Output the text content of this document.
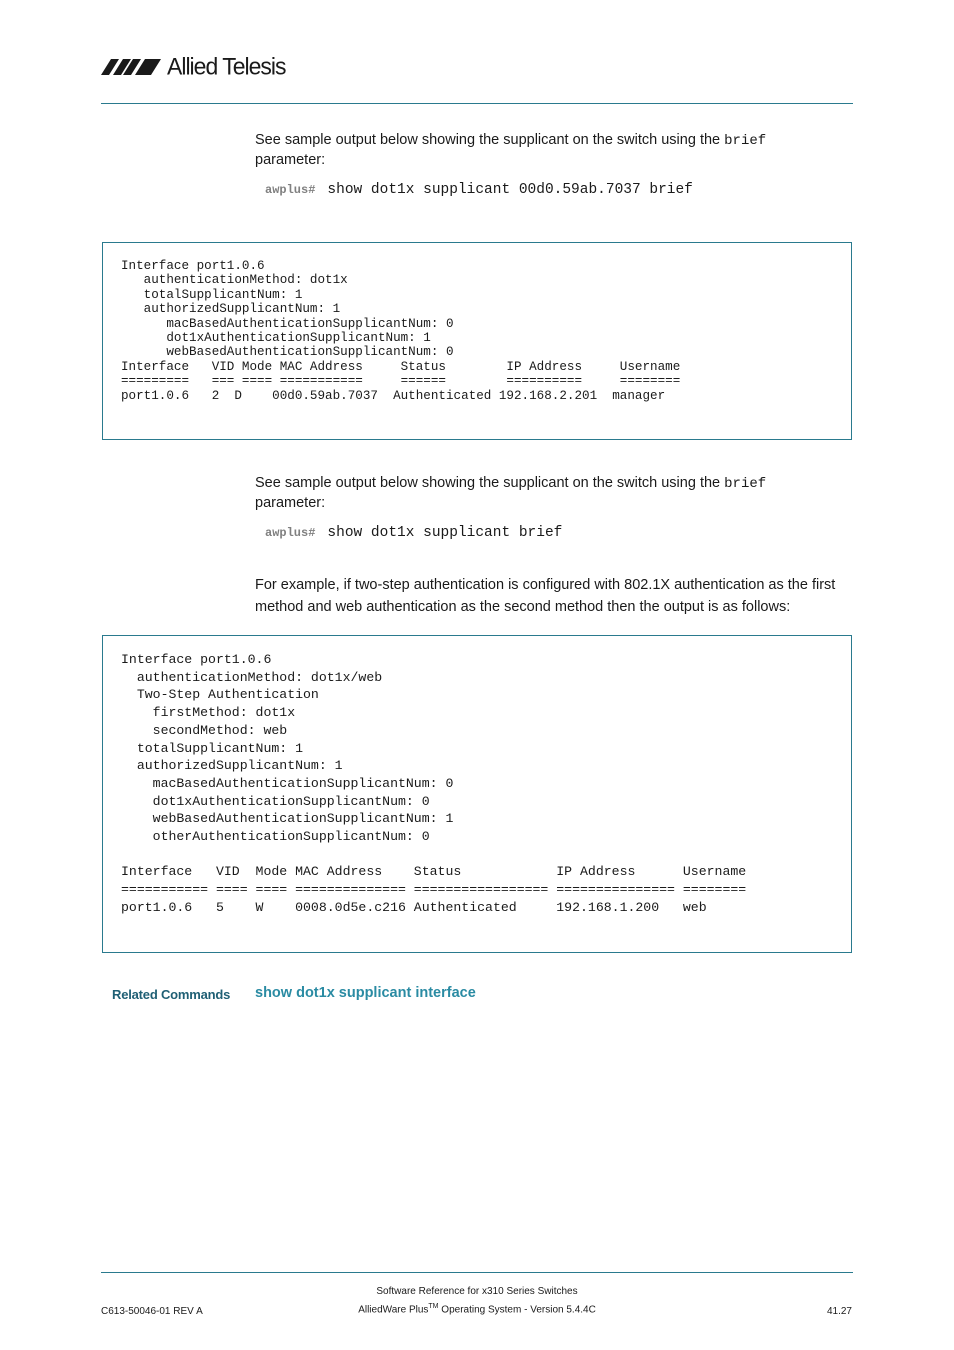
Allied Telesis
See sample output below showing the supplicant on the switch using the brief
parameter:
awplus# show dot1x supplicant 00d0.59ab.7037 brief
Interface port1.0.6
authenticationMethod: dot1x
totalSupplicantNum: 1
authorizedSupplicantNum: 1
macBasedAuthenticationSupplicantNum: 0
dot1xAuthenticationSupplicantNum: 1
webBasedAuthenticationSupplicantNum: 0
Interface   VID Mode MAC Address     Status        IP Address     Username
=========   === ==== ===========     ======        ==========     ========
port1.0.6   2  D    00d0.59ab.7037  Authenticated 192.168.2.201  manager
See sample output below showing the supplicant on the switch using the brief
parameter:
awplus# show dot1x supplicant brief
For example, if two-step authentication is configured with 802.1X authentication as the first method and web authentication as the second method then the output is as follows:
Interface port1.0.6
authenticationMethod: dot1x/web
Two-Step Authentication
firstMethod: dot1x
secondMethod: web
totalSupplicantNum: 1
authorizedSupplicantNum: 1
macBasedAuthenticationSupplicantNum: 0
dot1xAuthenticationSupplicantNum: 0
webBasedAuthenticationSupplicantNum: 1
otherAuthenticationSupplicantNum: 0

Interface   VID  Mode MAC Address    Status            IP Address      Username
=========== ==== ==== ============== ================= =============== ========
port1.0.6   5    W    0008.0d5e.c216 Authenticated     192.168.1.200   web
Related Commands show dot1x supplicant interface
Software Reference for x310 Series Switches
C613-50046-01 REV A	AlliedWare Plus™ Operating System - Version 5.4.4C	41.27
